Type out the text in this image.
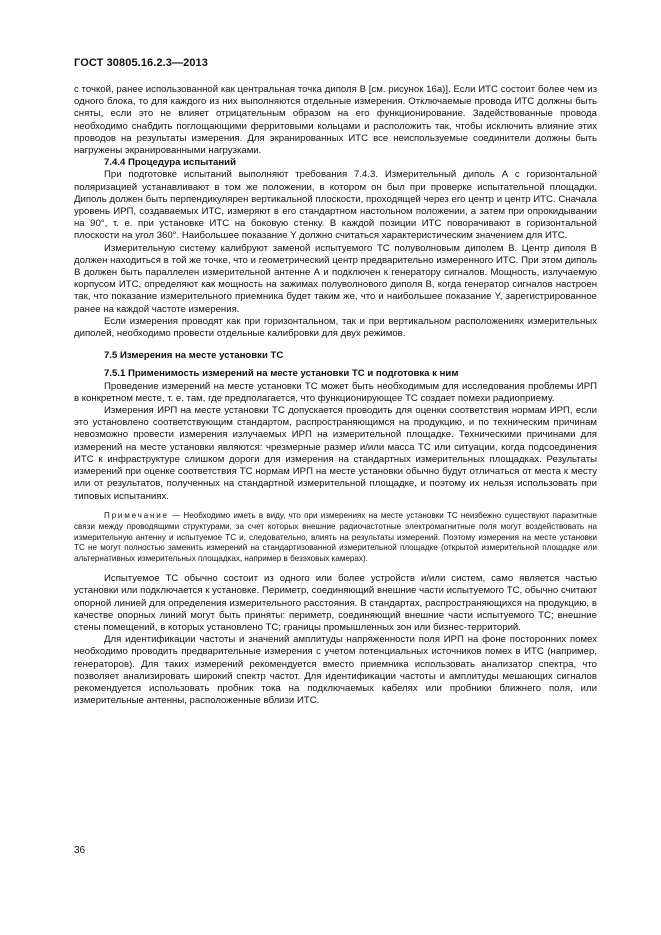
ГОСТ 30805.16.2.3—2013

с точкой, ранее использованной как центральная точка диполя В [см. рисунок 16а)]. Если ИТС состоит более чем из одного блока, то для каждого из них выполняются отдельные измерения. Отключаемые провода ИТС должны быть сняты, если это не влияет отрицательным образом на его функционирование. Задействованные провода необходимо снабдить поглощающими ферритовыми кольцами и расположить так, чтобы исключить влияние этих проводов на результаты измерения. Для экранированных ИТС все неиспользуемые соединители должны быть нагружены экранированными нагрузками.

7.4.4 Процедура испытаний

При подготовке испытаний выполняют требования 7.4.3. Измерительный диполь А с горизонтальной поляризацией устанавливают в том же положении, в котором он был при проверке испытательной площадки. Диполь должен быть перпендикулярен вертикальной плоскости, проходящей через его центр и центр ИТС. Сначала уровень ИРП, создаваемых ИТС, измеряют в его стандартном настольном положении, а затем при опрокидывании на 90°, т. е. при установке ИТС на боковую стенку. В каждой позиции ИТС поворачивают в горизонтальной плоскости на угол 360°. Наибольшее показание Y должно считаться характеристическим значением для ИТС.

Измерительную систему калибруют заменой испытуемого ТС полуволновым диполем В. Центр диполя В должен находиться в той же точке, что и геометрический центр предварительно измеренного ИТС. При этом диполь В должен быть параллелен измерительной антенне А и подключен к генератору сигналов. Мощность, излучаемую корпусом ИТС, определяют как мощность на зажимах полуволнового диполя В, когда генератор сигналов настроен так, что показание измерительного приемника будет таким же, что и наибольшее показание Y, зарегистрированное ранее на каждой частоте измерения.

Если измерения проводят как при горизонтальном, так и при вертикальном расположениях измерительных диполей, необходимо провести отдельные калибровки для двух режимов.

7.5 Измерения на месте установки ТС

7.5.1 Применимость измерений на месте установки ТС и подготовка к ним

Проведение измерений на месте установки ТС может быть необходимым для исследования проблемы ИРП в конкретном месте, т. е. там, где предполагается, что функционирующее ТС создает помехи радиоприему.

Измерения ИРП на месте установки ТС допускается проводить для оценки соответствия нормам ИРП, если это установлено соответствующим стандартом, распространяющимся на продукцию, и по техническим причинам невозможно провести измерения излучаемых ИРП на измерительной площадке. Техническими причинами для измерений на месте установки являются: чрезмерные размер и/или масса ТС или ситуации, когда подсоединения ИТС к инфраструктуре слишком дороги для измерения на стандартных измерительных площадках. Результаты измерений при оценке соответствия ТС нормам ИРП на месте установки обычно будут отличаться от места к месту или от результатов, полученных на стандартной измерительной площадке, и поэтому их нельзя использовать при типовых испытаниях.

Примечание — Необходимо иметь в виду, что при измерениях на месте установки ТС неизбежно существуют паразитные связи между проводящими структурами, за счет которых внешние радиочастотные электромагнитные поля могут воздействовать на измерительную антенну и испытуемое ТС и, следовательно, влиять на результаты измерений. Поэтому измерения на месте установки ТС не могут полностью заменить измерений на стандартизованной измерительной площадке (открытой измерительной площадке или альтернативных измерительных площадках, например в безэховых камерах).

Испытуемое ТС обычно состоит из одного или более устройств и/или систем, само является частью установки или подключается к установке. Периметр, соединяющий внешние части испытуемого ТС, обычно считают опорной линией для определения измерительного расстояния. В стандартах, распространяющихся на продукцию, в качестве опорных линий могут быть приняты: периметр, соединяющий внешние части испытуемого ТС; внешние стены помещений, в которых установлено ТС; границы промышленных зон или бизнес-территорий.

Для идентификации частоты и значений амплитуды напряженности поля ИРП на фоне посторонних помех необходимо проводить предварительные измерения с учетом потенциальных источников помех в ИТС (например, генераторов). Для таких измерений рекомендуется вместо приемника использовать анализатор спектра, что позволяет анализировать широкий спектр частот. Для идентификации частоты и амплитуды мешающих сигналов рекомендуется использовать пробник тока на подключаемых кабелях или пробники ближнего поля, или измерительные антенны, расположенные вблизи ИТС.

36
